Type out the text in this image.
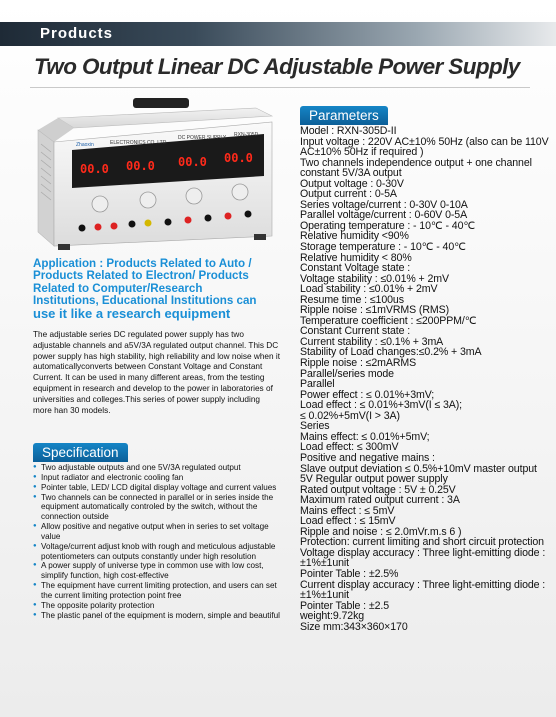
Products
Two Output Linear DC Adjustable Power Supply
Zhaoxin	ELECTRONICS CO.,LTD.
DC POWER SUPPLY RXN-305D
00.0 00.0 00.0 00.0
Application : Products Related to Auto /
Products Related to Electron/ Products
Related to Computer/Research
Institutions, Educational Institutions can
use it like a research equipment
The adjustable series DC regulated power supply has two adjustable channels and a5V/3A regulated output channel. This DC power supply has high stability, high reliability and low noise when it automaticallyconverts between Constant Voltage and Constant Current. It can be used in many different areas, from the testing equipment in research and develop to the power in laboratories of universities and colleges.This series of power supply including more han 30 models.
Specification
● Two adjustable outputs and one 5V/3A regulated output
● Input radiator and electronic cooling fan
● Pointer table, LED/ LCD digital display voltage and current values
● Two channels can be connected in parallel or in series inside the equipment automatically controled by the switch, without the connection outside
● Allow positive and negative output when in series to set voltage value
● Voltage/current adjust knob with rough and meticulous adjustable potentiometers can outputs constantly under high resolution
● A power supply of universe type in common use with low cost, simplify function, high cost-effective
● The equipment have current limiting protection, and users can set the current limiting protection point free
● The opposite polarity protection
● The plastic panel of the equipment is modern, simple and beautiful
Parameters
Model : RXN-305D-II
Input voltage : 220V AC±10% 50Hz (also can be 110V AC±10% 50Hz if required )
Two channels independence output + one channel constant 5V/3A output
Output voltage : 0-30V
Output current : 0-5A
Series voltage/current : 0-30V 0-10A
Parallel voltage/current : 0-60V 0-5A
Operating temperature : - 10℃ - 40℃
Relative humidity <90%
Storage temperature : - 10℃ - 40℃
Relative humidity < 80%
Constant Voltage state :
Voltage stability : ≤0.01% + 2mV
Load stability : ≤0.01% + 2mV
Resume time : ≤100us
Ripple noise : ≤1mVRMS (RMS)
Temperature coefficient : ≤200PPM/℃
Constant Current state :
Current stability : ≤0.1% + 3mA
Stability of Load changes:≤0.2% + 3mA
Ripple noise : ≤2mARMS
Parallel/series mode
Parallel
Power effect : ≤ 0.01%+3mV;
Load effect : ≤ 0.01%+3mV(I ≤ 3A);
≤ 0.02%+5mV(I > 3A)
Series
Mains effect: ≤ 0.01%+5mV;
Load effect: ≤ 300mV
Positive and negative mains :
Slave output deviation ≤ 0.5%+10mV master output
5V Regular output power supply
Rated output voltage : 5V ± 0.25V
Maximum rated output current : 3A
Mains effect : ≤ 5mV
Load effect : ≤ 15mV
Ripple and noise : ≤ 2.0mVr.m.s 6 )
Protection: current limiting and short circuit protection
Voltage display accuracy : Three light-emitting diode : ±1%±1unit
Pointer Table : ±2.5%
Current display accuracy : Three light-emitting diode : ±1%±1unit
Pointer Table : ±2.5
weight:9.72kg
Size mm:343×360×170
